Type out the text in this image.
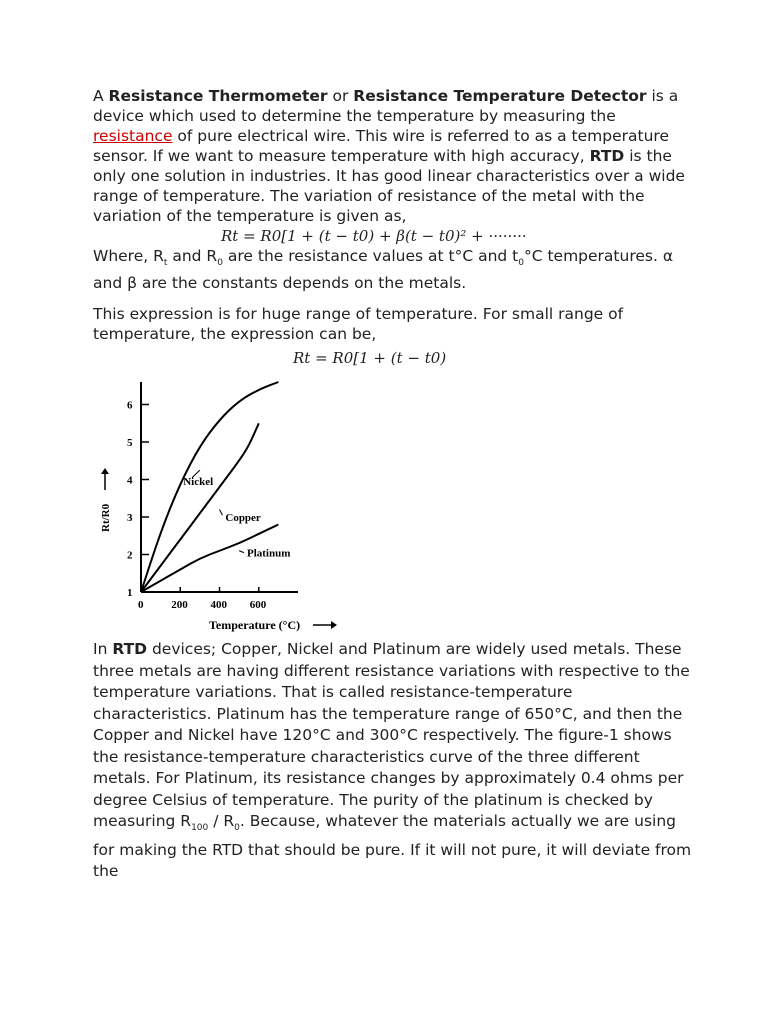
A Resistance Thermometer or Resistance Temperature Detector is a device which used to determine the temperature by measuring the resistance of pure electrical wire. This wire is referred to as a temperature sensor. If we want to measure temperature with high accuracy, RTD is the only one solution in industries. It has good linear characteristics over a wide range of temperature. The variation of resistance of the metal with the variation of the temperature is given as,

Rt = R0[1 + (t − t0) + β(t − t0)² + ········

Where, $R_t$ and $R_0$ are the resistance values at t°C and $t_0^\circ C$ temperatures. α and β are the constants depends on the metals.

This expression is for huge range of temperature. For small range of temperature, the expression can be,

Rt = R0[1 + (t − t0)
1
2
3
4
5
6
0	200 400 600
Nickel
Copper
Platinum
Temperature (°C)
Rt/R0

In RTD devices; Copper, Nickel and Platinum are widely used metals. These three metals are having different resistance variations with respective to the temperature variations. That is called resistance-temperature characteristics. Platinum has the temperature range of 650°C, and then the Copper and Nickel have 120°C and 300°C respectively. The figure-1 shows the resistance-temperature characteristics curve of the three different metals. For Platinum, its resistance changes by approximately 0.4 ohms per degree Celsius of temperature. The purity of the platinum is checked by measuring $R_{100} / R_0$. Because, whatever the materials actually we are using for making the RTD that should be pure. If it will not pure, it will deviate from the
